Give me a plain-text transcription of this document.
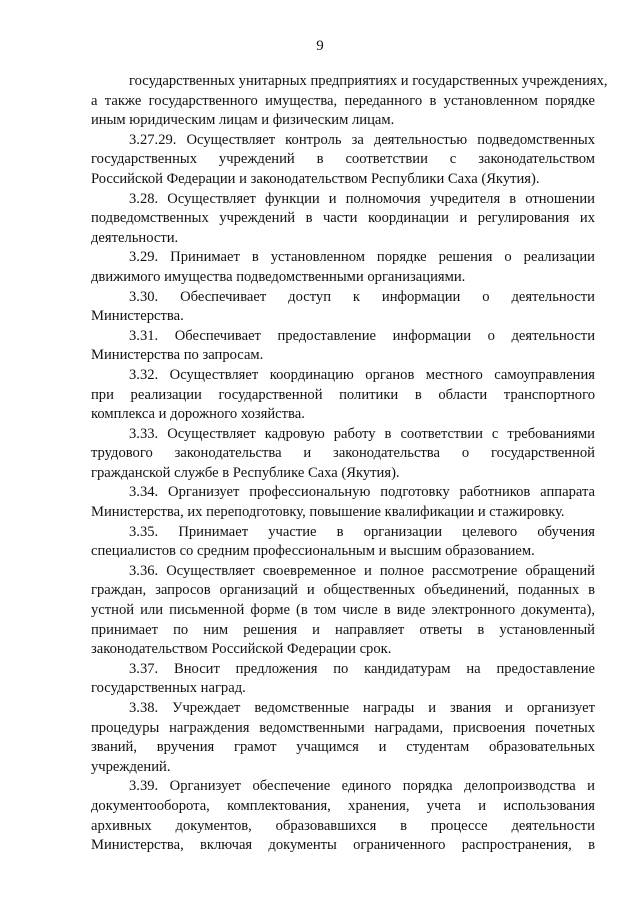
9
государственных унитарных предприятиях и государственных учреждениях,
а также государственного имущества, переданного в установленном порядке
иным юридическим лицам и физическим лицам.
3.27.29. Осуществляет контроль за деятельностью подведомственных
государственных учреждений в соответствии с законодательством
Российской Федерации и законодательством Республики Саха (Якутия).
3.28. Осуществляет функции и полномочия учредителя в отношении
подведомственных учреждений в части координации и регулирования их
деятельности.
3.29. Принимает в установленном порядке решения о реализации
движимого имущества подведомственными организациями.
3.30. Обеспечивает доступ к информации о деятельности
Министерства.
3.31. Обеспечивает предоставление информации о деятельности
Министерства по запросам.
3.32. Осуществляет координацию органов местного самоуправления
при реализации государственной политики в области транспортного
комплекса и дорожного хозяйства.
3.33. Осуществляет кадровую работу в соответствии с требованиями
трудового законодательства и законодательства о государственной
гражданской службе в Республике Саха (Якутия).
3.34. Организует профессиональную подготовку работников аппарата
Министерства, их переподготовку, повышение квалификации и стажировку.
3.35. Принимает участие в организации целевого обучения
специалистов со средним профессиональным и высшим образованием.
3.36. Осуществляет своевременное и полное рассмотрение обращений
граждан, запросов организаций и общественных объединений, поданных в
устной или письменной форме (в том числе в виде электронного документа),
принимает по ним решения и направляет ответы в установленный
законодательством Российской Федерации срок.
3.37. Вносит предложения по кандидатурам на предоставление
государственных наград.
3.38. Учреждает ведомственные награды и звания и организует
процедуры награждения ведомственными наградами, присвоения почетных
званий, вручения грамот учащимся и студентам образовательных
учреждений.
3.39. Организует обеспечение единого порядка делопроизводства и
документооборота, комплектования, хранения, учета и использования
архивных документов, образовавшихся в процессе деятельности
Министерства, включая документы ограниченного распространения, в
